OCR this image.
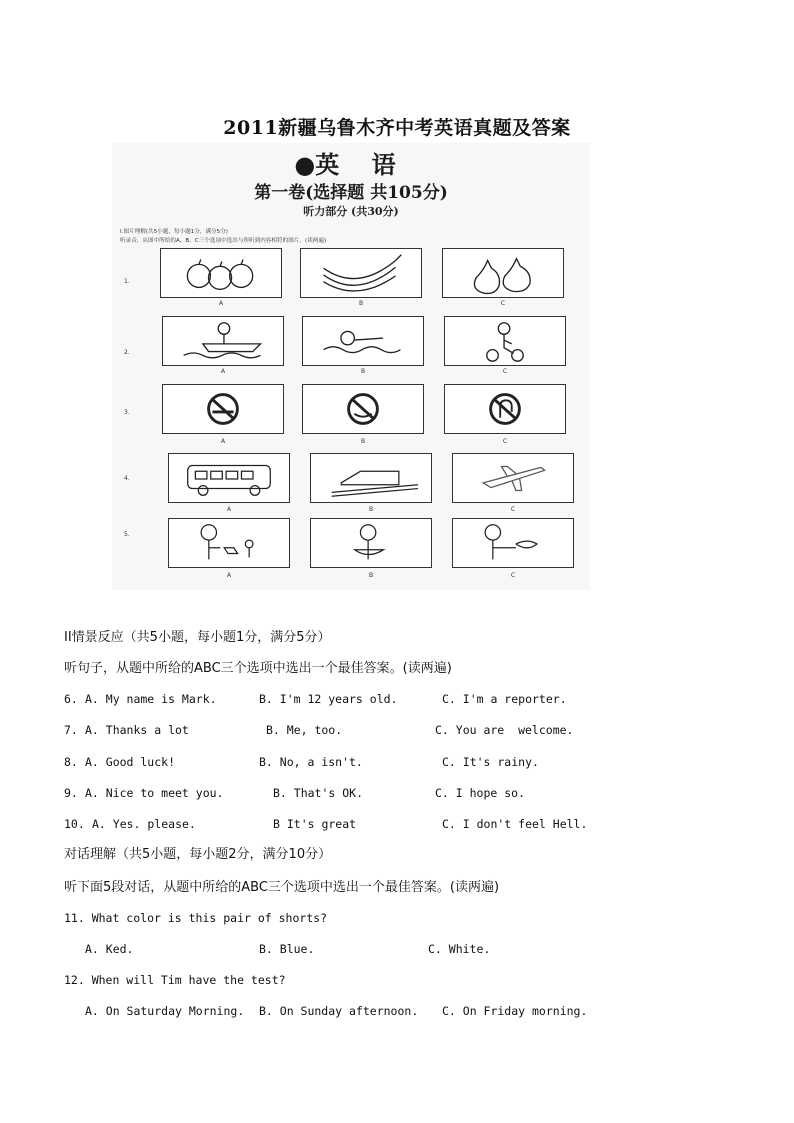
2011新疆乌鲁木齐中考英语真题及答案
●英 语
第一卷(选择题 共105分)
听力部分 (共30分)
I.图片理解(共5小题，每小题1分，满分5分)
听录音，从图中所给的A、B、C三个选项中选出与所听到内容相符的图片。(读两遍)
1.
A	B	C
2.
A	B	C
3.
A	B	C
4.
A	B	C
5.
A	B	C
II情景反应（共5小题，每小题1分，满分5分）
听句子，从题中所给的ABC三个选项中选出一个最佳答案。(读两遍)
6. A. My name is Mark.	B. I'm 12 years old.	C. I'm a reporter.
7. A. Thanks a lot	B. Me, too.	C. You are  welcome.
8. A. Good luck!	B. No, a isn't.	C. It's rainy.
9. A. Nice to meet you.	B. That's OK.	C. I hope so.
10. A. Yes. please.	B It's great	C. I don't feel Hell.
对话理解（共5小题，每小题2分，满分10分）
听下面5段对话，从题中所给的ABC三个选项中选出一个最佳答案。(读两遍)
11. What color is this pair of shorts?
A. Ked.	B. Blue.	C. White.
12. When will Tim have the test?
A. On Saturday Morning. B. On Sunday afternoon. C. On Friday morning.
